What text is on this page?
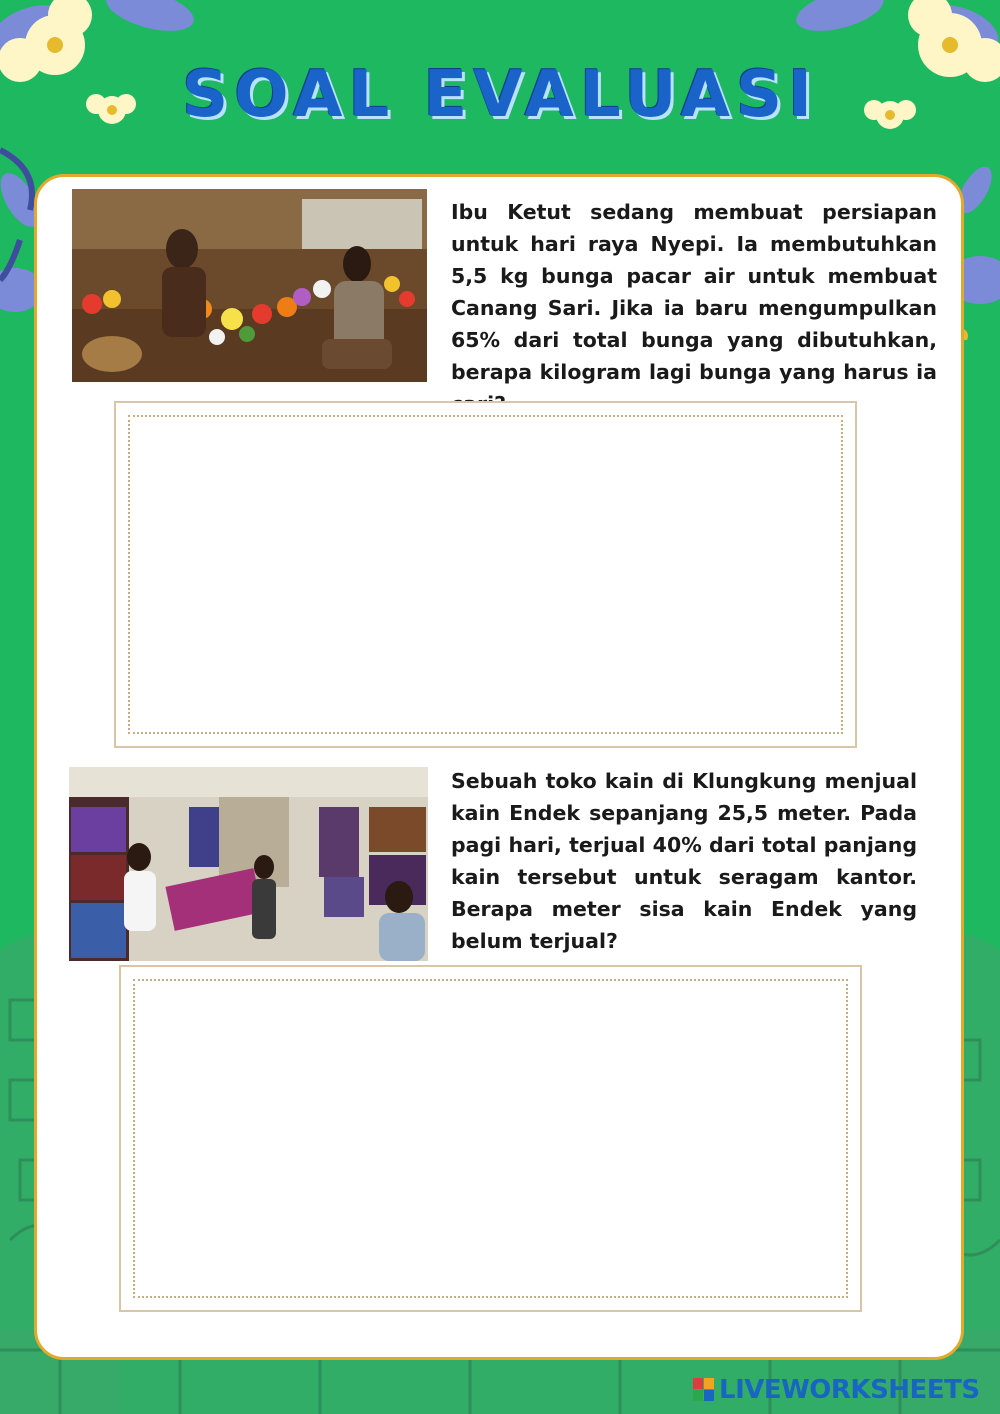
SOAL EVALUASI

Ibu Ketut sedang membuat persiapan untuk hari raya Nyepi. Ia membutuhkan 5,5 kg bunga pacar air untuk membuat Canang Sari. Jika ia baru mengumpulkan 65% dari total bunga yang dibutuhkan, berapa kilogram lagi bunga yang harus ia

Sebuah toko kain di Klungkung menjual kain Endek sepanjang 25,5 meter. Pada pagi hari, terjual 40% dari total panjang kain tersebut untuk seragam kantor. Berapa meter sisa kain Endek yang belum terjual?

LIVEWORKSHEETS
